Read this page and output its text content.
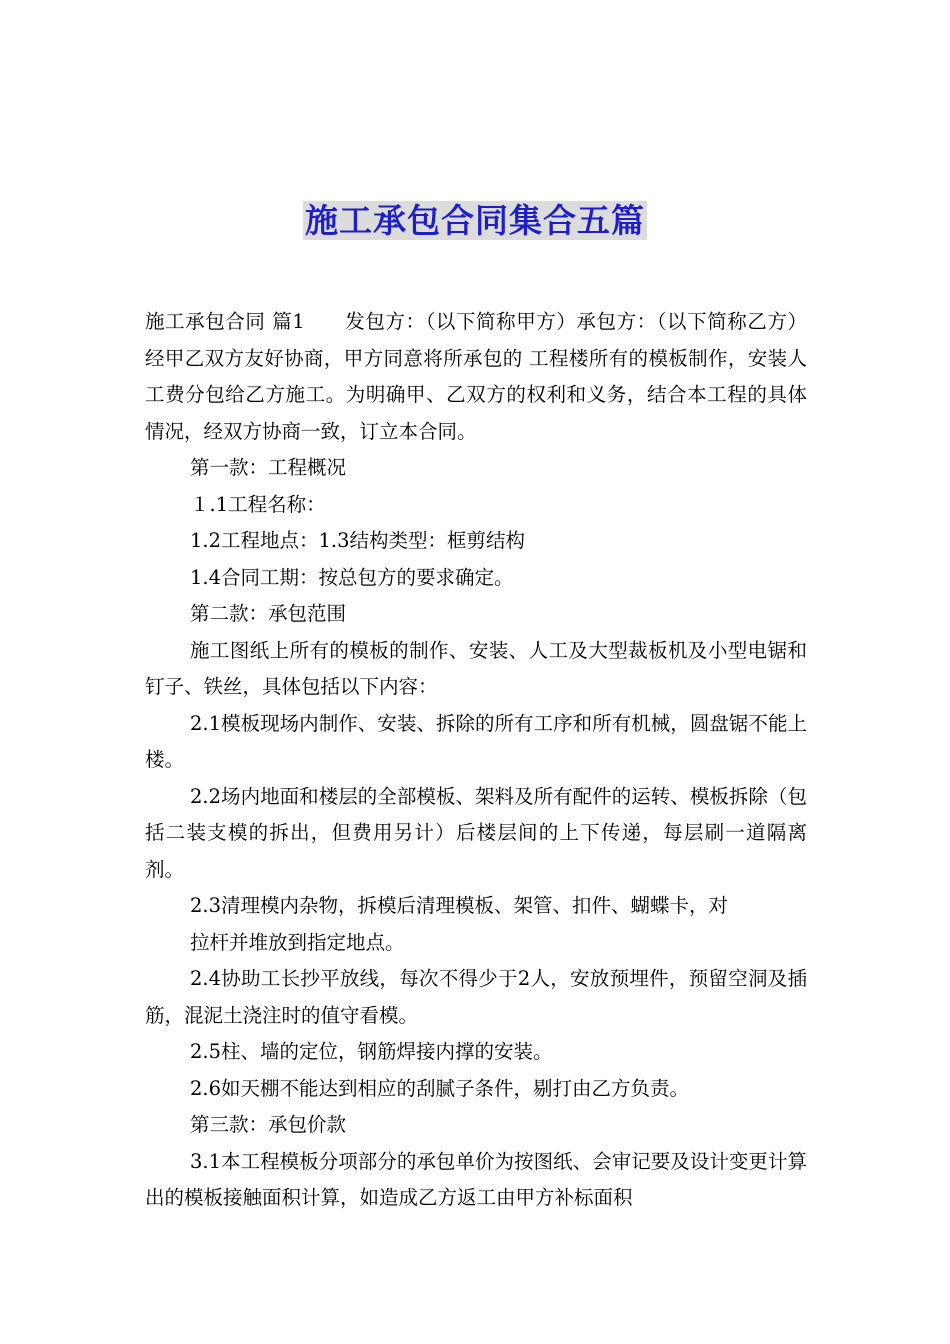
施工承包合同集合五篇

施工承包合同 篇1 发包方：（以下简称甲方）承包方：（以下简称乙方）经甲乙双方友好协商，甲方同意将所承包的 工程楼所有的模板制作，安装人工费分包给乙方施工。为明确甲、乙双方的权利和义务，结合本工程的具体情况，经双方协商一致，订立本合同。

第一款：工程概况

１.1工程名称：

1.2工程地点：1.3结构类型：框剪结构

1.4合同工期：按总包方的要求确定。

第二款：承包范围

施工图纸上所有的模板的制作、安装、人工及大型裁板机及小型电锯和钉子、铁丝，具体包括以下内容：

2.1模板现场内制作、安装、拆除的所有工序和所有机械，圆盘锯不能上楼。

2.2场内地面和楼层的全部模板、架料及所有配件的运转、模板拆除（包括二装支模的拆出，但费用另计）后楼层间的上下传递，每层刷一道隔离剂。

2.3清理模内杂物，拆模后清理模板、架管、扣件、蝴蝶卡，对

拉杆并堆放到指定地点。

2.4协助工长抄平放线，每次不得少于2人，安放预埋件，预留空洞及插筋，混泥土浇注时的值守看模。

2.5柱、墙的定位，钢筋焊接内撑的安装。

2.6如天棚不能达到相应的刮腻子条件，剔打由乙方负责。

第三款：承包价款

3.1本工程模板分项部分的承包单价为按图纸、会审记要及设计变更计算出的模板接触面积计算，如造成乙方返工由甲方补标面积
